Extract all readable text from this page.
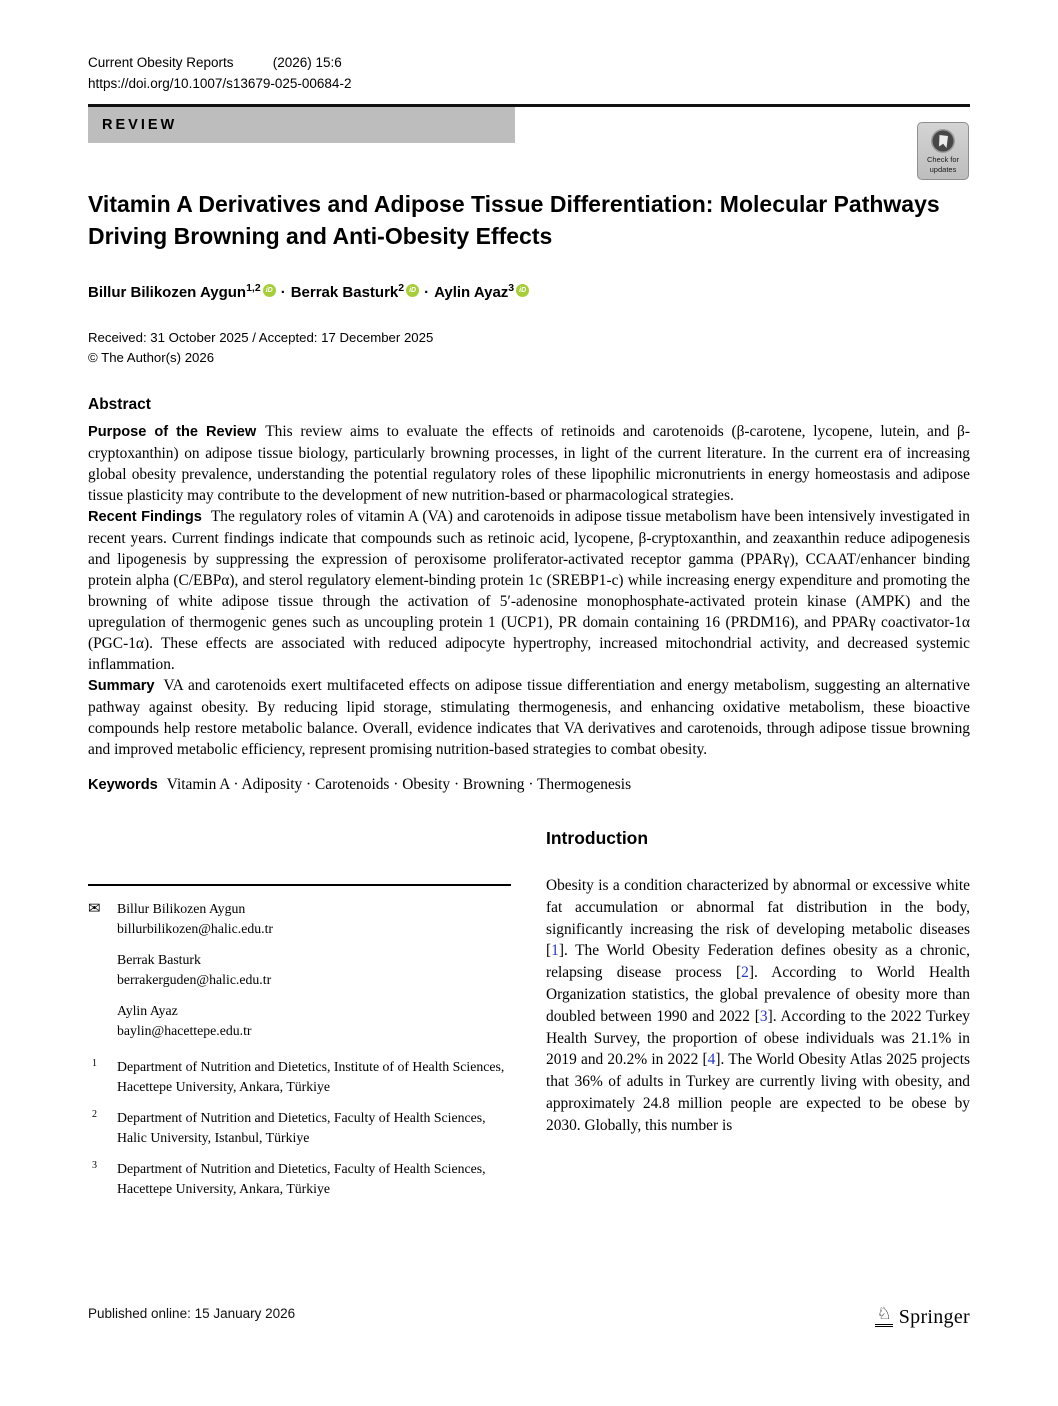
Current Obesity Reports	(2026) 15:6
https://doi.org/10.1007/s13679-025-00684-2
REVIEW
Check for
updates
Vitamin A Derivatives and Adipose Tissue Differentiation: Molecular Pathways Driving Browning and Anti-Obesity Effects
Billur Bilikozen Aygun$^{1,2}$ iD · Berrak Basturk$^2$ iD · Aylin Ayaz$^3$ iD
Received: 31 October 2025 / Accepted: 17 December 2025
© The Author(s) 2026
Abstract

Purpose of the Review This review aims to evaluate the effects of retinoids and carotenoids (β-carotene, lycopene, lutein, and β-cryptoxanthin) on adipose tissue biology, particularly browning processes, in light of the current literature. In the current era of increasing global obesity prevalence, understanding the potential regulatory roles of these lipophilic micronutrients in energy homeostasis and adipose tissue plasticity may contribute to the development of new nutrition-based or pharmacological strategies.

Recent Findings The regulatory roles of vitamin A (VA) and carotenoids in adipose tissue metabolism have been intensively investigated in recent years. Current findings indicate that compounds such as retinoic acid, lycopene, β-cryptoxanthin, and zeaxanthin reduce adipogenesis and lipogenesis by suppressing the expression of peroxisome proliferator-activated receptor gamma (PPARγ), CCAAT/enhancer binding protein alpha (C/EBPα), and sterol regulatory element-binding protein 1c (SREBP1-c) while increasing energy expenditure and promoting the browning of white adipose tissue through the activation of 5′-adenosine monophosphate-activated protein kinase (AMPK) and the upregulation of thermogenic genes such as uncoupling protein 1 (UCP1), PR domain containing 16 (PRDM16), and PPARγ coactivator-1α (PGC-1α). These effects are associated with reduced adipocyte hypertrophy, increased mitochondrial activity, and decreased systemic inflammation.

Summary VA and carotenoids exert multifaceted effects on adipose tissue differentiation and energy metabolism, suggesting an alternative pathway against obesity. By reducing lipid storage, stimulating thermogenesis, and enhancing oxidative metabolism, these bioactive compounds help restore metabolic balance. Overall, evidence indicates that VA derivatives and carotenoids, through adipose tissue browning and improved metabolic efficiency, represent promising nutrition-based strategies to combat obesity.

Keywords Vitamin A · Adiposity · Carotenoids · Obesity · Browning · Thermogenesis
✉ Billur Bilikozen Aygun
billurbilikozen@halic.edu.tr
Berrak Basturk
berrakerguden@halic.edu.tr
Aylin Ayaz
baylin@hacettepe.edu.tr
1 Department of Nutrition and Dietetics, Institute of of Health Sciences, Hacettepe University, Ankara, Türkiye
2 Department of Nutrition and Dietetics, Faculty of Health Sciences, Halic University, Istanbul, Türkiye
3 Department of Nutrition and Dietetics, Faculty of Health Sciences, Hacettepe University, Ankara, Türkiye
Introduction

Obesity is a condition characterized by abnormal or excessive white fat accumulation or abnormal fat distribution in the body, significantly increasing the risk of developing metabolic diseases [1]. The World Obesity Federation defines obesity as a chronic, relapsing disease process [2]. According to World Health Organization statistics, the global prevalence of obesity more than doubled between 1990 and 2022 [3]. According to the 2022 Turkey Health Survey, the proportion of obese individuals was 21.1% in 2019 and 20.2% in 2022 [4]. The World Obesity Atlas 2025 projects that 36% of adults in Turkey are currently living with obesity, and approximately 24.8 million people are expected to be obese by 2030. Globally, this number is

Published online: 15 January 2026	♘ Springer
